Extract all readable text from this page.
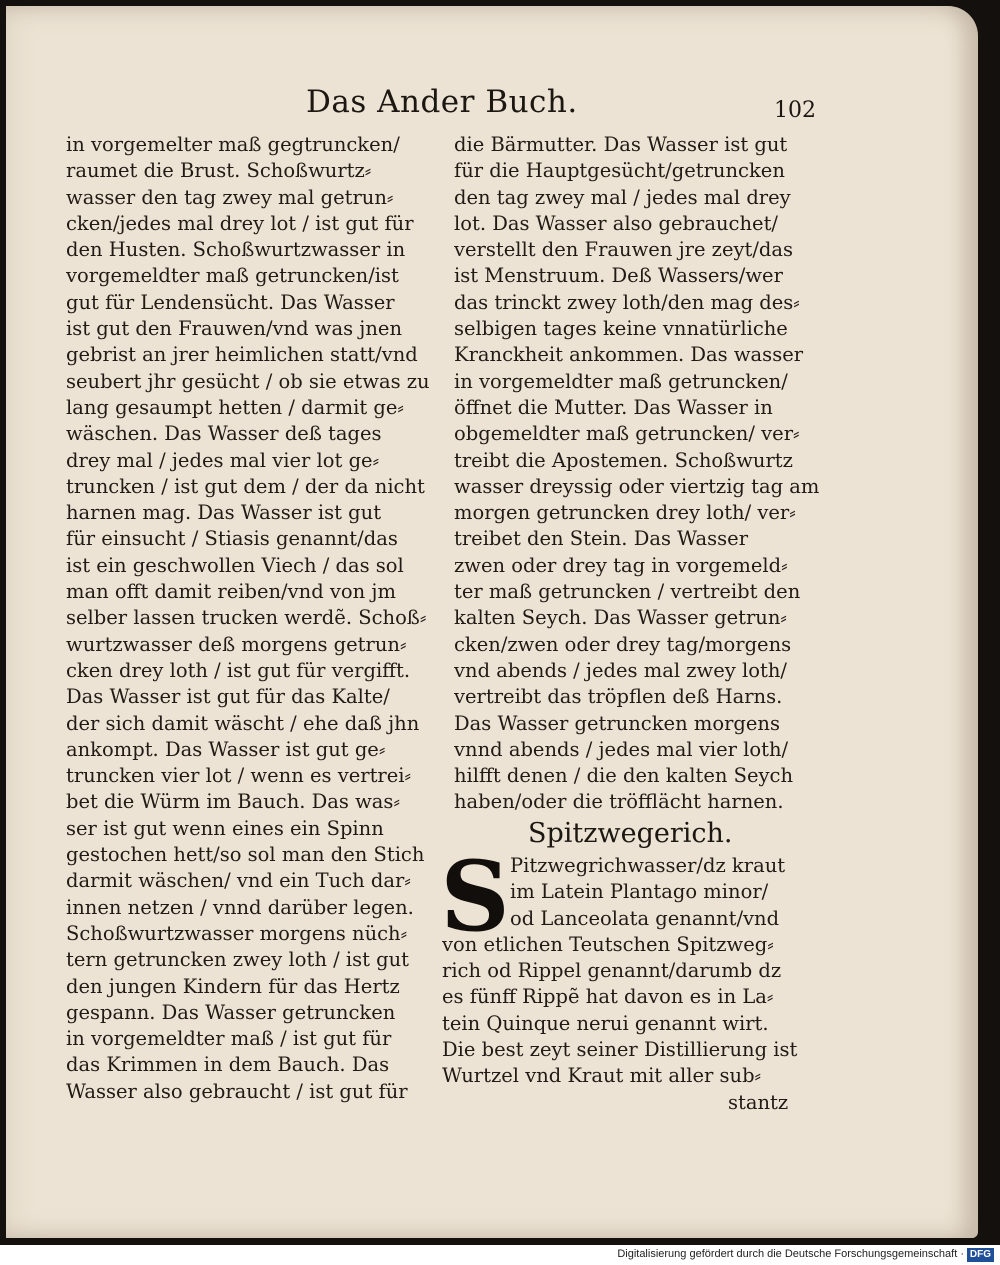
Das Ander Buch.	102
in vorgemelter maß gegtruncken/
raumet die Brust. Schoßwurtz⸗
wasser den tag zwey mal getrun⸗
cken/jedes mal drey lot / ist gut für
den Husten. Schoßwurtzwasser in
vorgemeldter maß getruncken/ist
gut für Lendensücht. Das Wasser
ist gut den Frauwen/vnd was jnen
gebrist an jrer heimlichen statt/vnd
seubert jhr gesücht / ob sie etwas zu
lang gesaumpt hetten / darmit ge⸗
wäschen. Das Wasser deß tages
drey mal / jedes mal vier lot ge⸗
truncken / ist gut dem / der da nicht
harnen mag. Das Wasser ist gut
für einsucht / Stiasis genannt/das
ist ein geschwollen Viech / das sol
man offt damit reiben/vnd von jm
selber lassen trucken werdẽ. Schoß⸗
wurtzwasser deß morgens getrun⸗
cken drey loth / ist gut für vergifft.
Das Wasser ist gut für das Kalte/
der sich damit wäscht / ehe daß jhn
ankompt. Das Wasser ist gut ge⸗
truncken vier lot / wenn es vertrei⸗
bet die Würm im Bauch. Das was⸗
ser ist gut wenn eines ein Spinn
gestochen hett/so sol man den Stich
darmit wäschen/ vnd ein Tuch dar⸗
innen netzen / vnnd darüber legen.
Schoßwurtzwasser morgens nüch⸗
tern getruncken zwey loth / ist gut
den jungen Kindern für das Hertz
gespann. Das Wasser getruncken
in vorgemeldter maß / ist gut für
das Krimmen in dem Bauch. Das
Wasser also gebraucht / ist gut für
die Bärmutter. Das Wasser ist gut
für die Hauptgesücht/getruncken
den tag zwey mal / jedes mal drey
lot. Das Wasser also gebrauchet/
verstellt den Frauwen jre zeyt/das
ist Menstruum. Deß Wassers/wer
das trinckt zwey loth/den mag des⸗
selbigen tages keine vnnatürliche
Kranckheit ankommen. Das wasser
in vorgemeldter maß getruncken/
öffnet die Mutter. Das Wasser in
obgemeldter maß getruncken/ ver⸗
treibt die Apostemen. Schoßwurtz
wasser dreyssig oder viertzig tag am
morgen getruncken drey loth/ ver⸗
treibet den Stein. Das Wasser
zwen oder drey tag in vorgemeld⸗
ter maß getruncken / vertreibt den
kalten Seych. Das Wasser getrun⸗
cken/zwen oder drey tag/morgens
vnd abends / jedes mal zwey loth/
vertreibt das tröpflen deß Harns.
Das Wasser getruncken morgens
vnnd abends / jedes mal vier loth/
hilfft denen / die den kalten Seych
haben/oder die tröfflächt harnen.
Spitzwegerich.
S Pitzwegrichwasser/dz kraut
im Latein Plantago minor/
od Lanceolata genannt/vnd
von etlichen Teutschen Spitzweg⸗
rich od Rippel genannt/darumb dz
es fünff Rippẽ hat davon es in La⸗
tein Quinque nerui genannt wirt.
Die best zeyt seiner Distillierung ist
Wurtzel vnd Kraut mit aller sub⸗
stantz
Digitalisierung gefördert durch die Deutsche Forschungsgemeinschaft · DFG
